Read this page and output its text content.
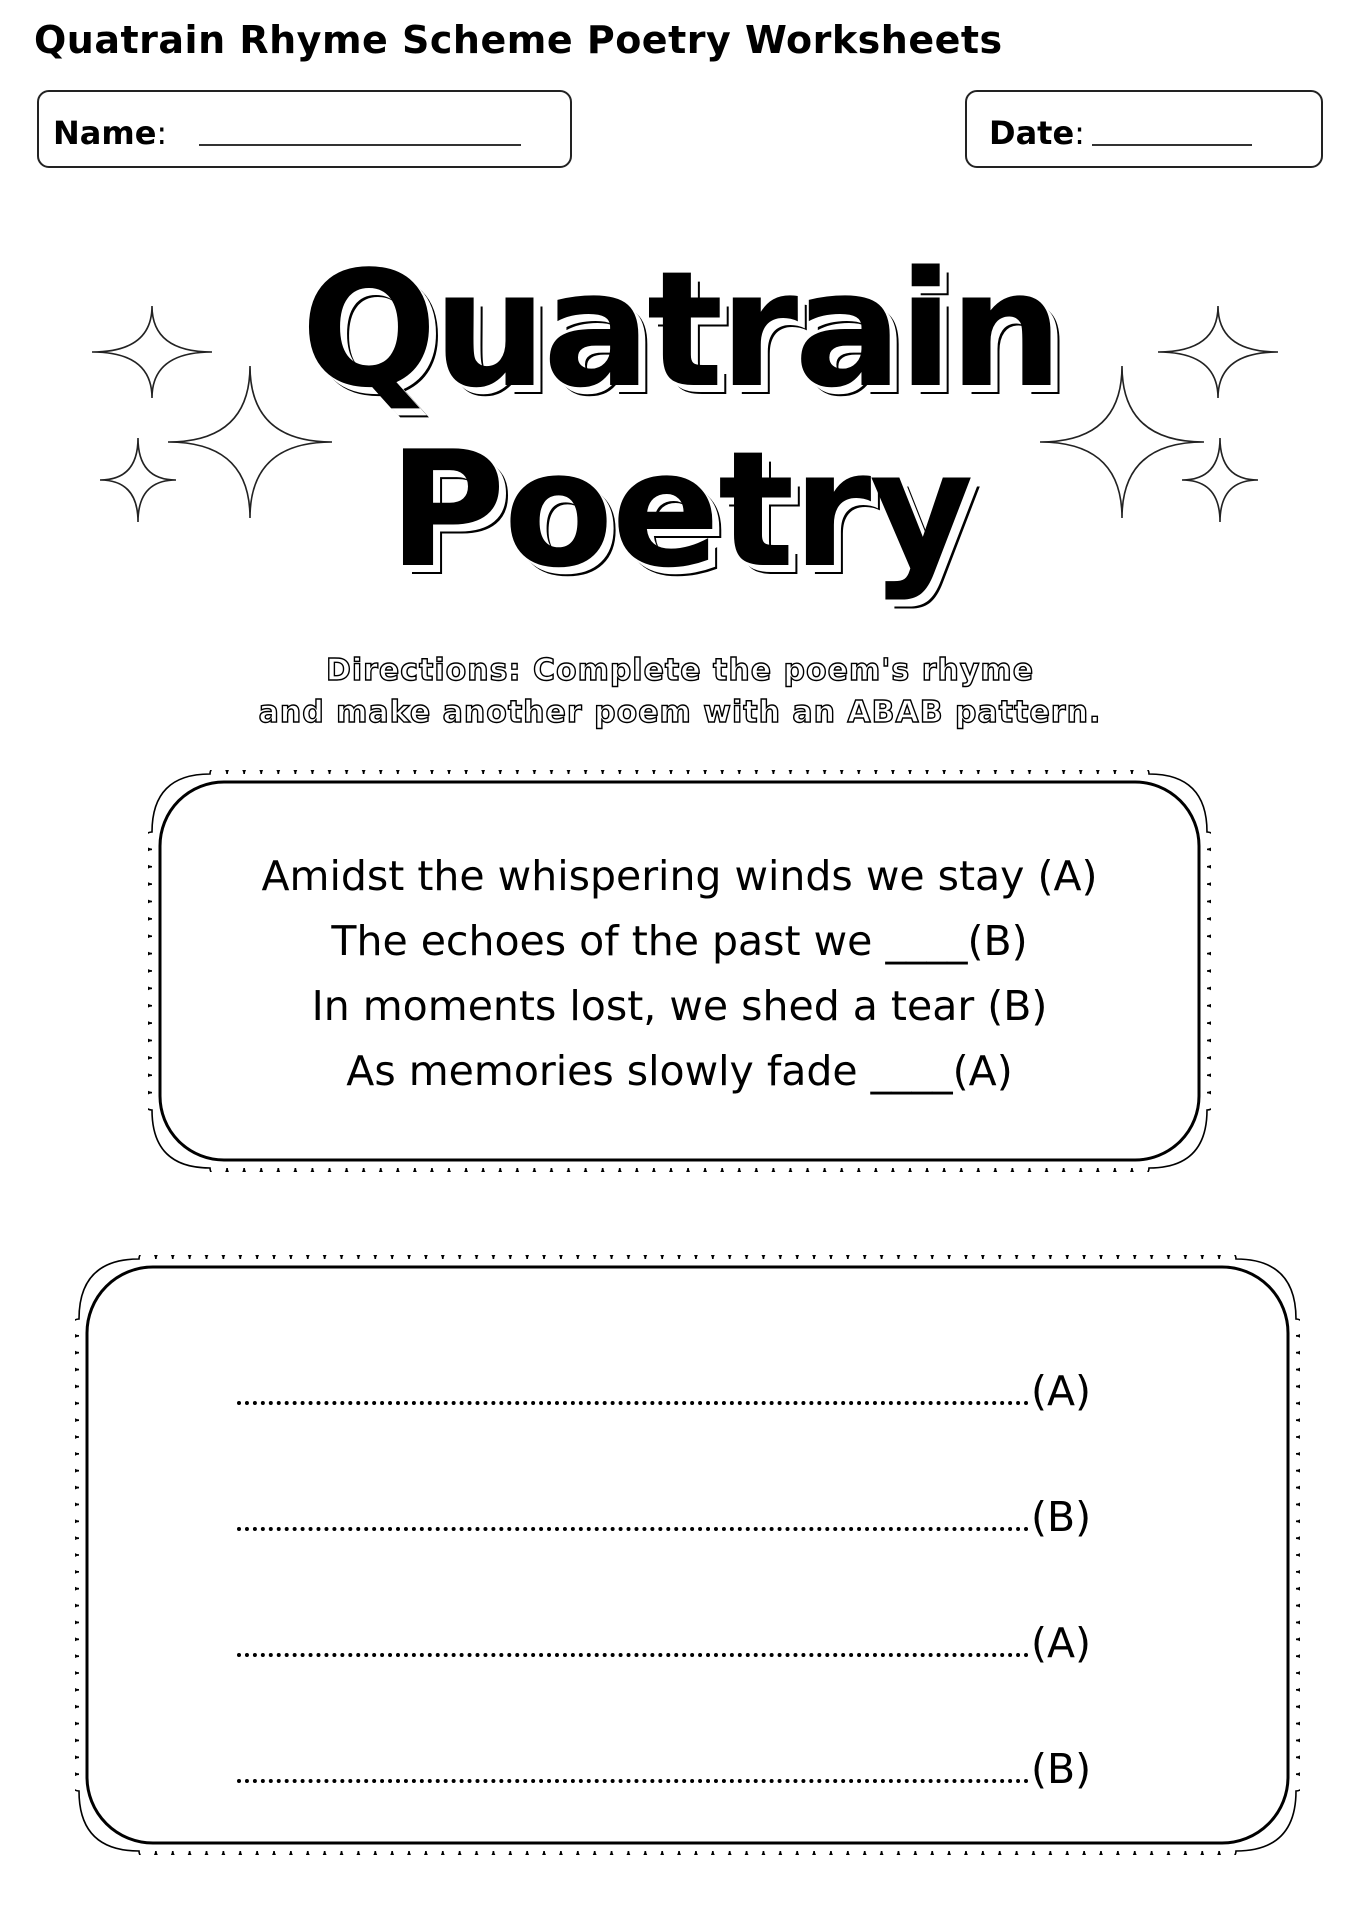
Quatrain Rhyme Scheme Poetry Worksheets
Name:	Date:
Quatrain
Poetry
Directions: Complete the poem's rhyme
and make another poem with an ABAB pattern.
Amidst the whispering winds we stay (A)
The echoes of the past we ____(B)
In moments lost, we shed a tear (B)
As memories slowly fade ____(A)
(A)
(B)
(A)
(B)
